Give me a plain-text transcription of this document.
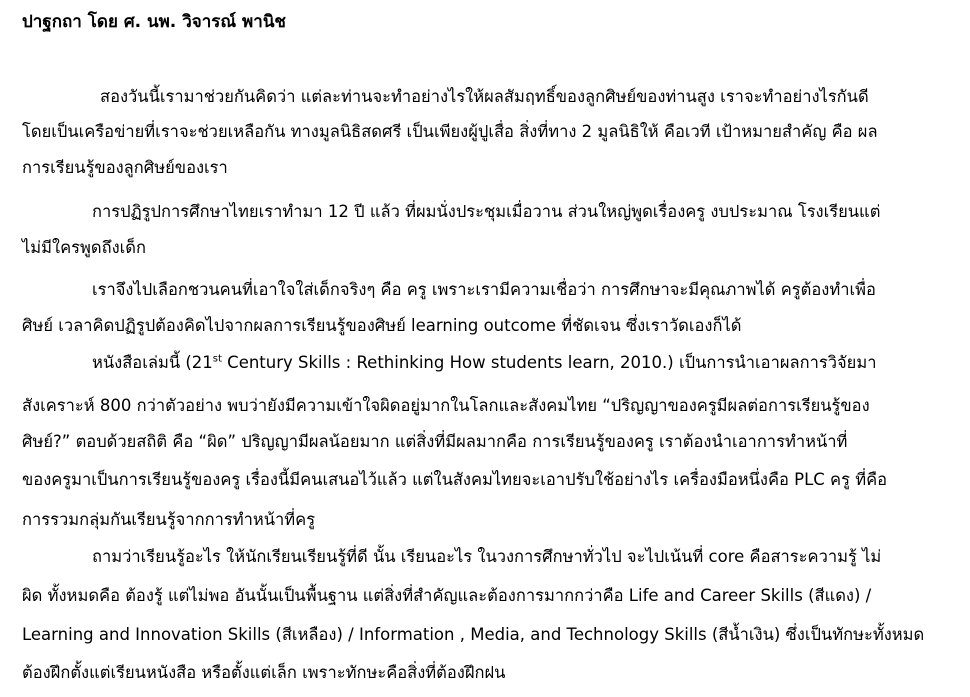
ปาฐกถา โดย ศ. นพ. วิจารณ์ พานิช
สองวันนี้เรามาช่วยกันคิดว่า แต่ละท่านจะทำอย่างไรให้ผลสัมฤทธิ์ของลูกศิษย์ของท่านสูง เราจะทำอย่างไรกันดี
โดยเป็นเครือข่ายที่เราจะช่วยเหลือกัน ทางมูลนิธิสดศรี เป็นเพียงผู้ปูเสื่อ สิ่งที่ทาง 2 มูลนิธิให้ คือเวที เป้าหมายสำคัญ คือ ผล
การเรียนรู้ของลูกศิษย์ของเรา
การปฏิรูปการศึกษาไทยเราทำมา 12 ปี แล้ว ที่ผมนั่งประชุมเมื่อวาน ส่วนใหญ่พูดเรื่องครู งบประมาณ โรงเรียนแต่
ไม่มีใครพูดถึงเด็ก
เราจึงไปเลือกชวนคนที่เอาใจใส่เด็กจริงๆ คือ ครู เพราะเรามีความเชื่อว่า การศึกษาจะมีคุณภาพได้ ครูต้องทำเพื่อ
ศิษย์ เวลาคิดปฏิรูปต้องคิดไปจากผลการเรียนรู้ของศิษย์ learning outcome ที่ชัดเจน ซึ่งเราวัดเองก็ได้
หนังสือเล่มนี้ (21st Century Skills : Rethinking How students learn, 2010.) เป็นการนำเอาผลการวิจัยมา
สังเคราะห์ 800 กว่าตัวอย่าง พบว่ายังมีความเข้าใจผิดอยู่มากในโลกและสังคมไทย “ปริญญาของครูมีผลต่อการเรียนรู้ของ
ศิษย์?” ตอบด้วยสถิติ คือ “ผิด” ปริญญามีผลน้อยมาก แต่สิ่งที่มีผลมากคือ การเรียนรู้ของครู เราต้องนำเอาการทำหน้าที่
ของครูมาเป็นการเรียนรู้ของครู เรื่องนี้มีคนเสนอไว้แล้ว แต่ในสังคมไทยจะเอาปรับใช้อย่างไร เครื่องมือหนึ่งคือ PLC ครู ที่คือ
การรวมกลุ่มกันเรียนรู้จากการทำหน้าที่ครู
ถามว่าเรียนรู้อะไร ให้นักเรียนเรียนรู้ที่ดี นั้น เรียนอะไร ในวงการศึกษาทั่วไป จะไปเน้นที่ core คือสาระความรู้ ไม่
ผิด ทั้งหมดคือ ต้องรู้ แต่ไม่พอ อันนั้นเป็นพื้นฐาน แต่สิ่งที่สำคัญและต้องการมากกว่าคือ Life and Career Skills (สีแดง) /
Learning and Innovation Skills (สีเหลือง) / Information , Media, and Technology Skills (สีน้ำเงิน) ซึ่งเป็นทักษะทั้งหมด
ต้องฝึกตั้งแต่เรียนหนังสือ หรือตั้งแต่เล็ก เพราะทักษะคือสิ่งที่ต้องฝึกฝน
